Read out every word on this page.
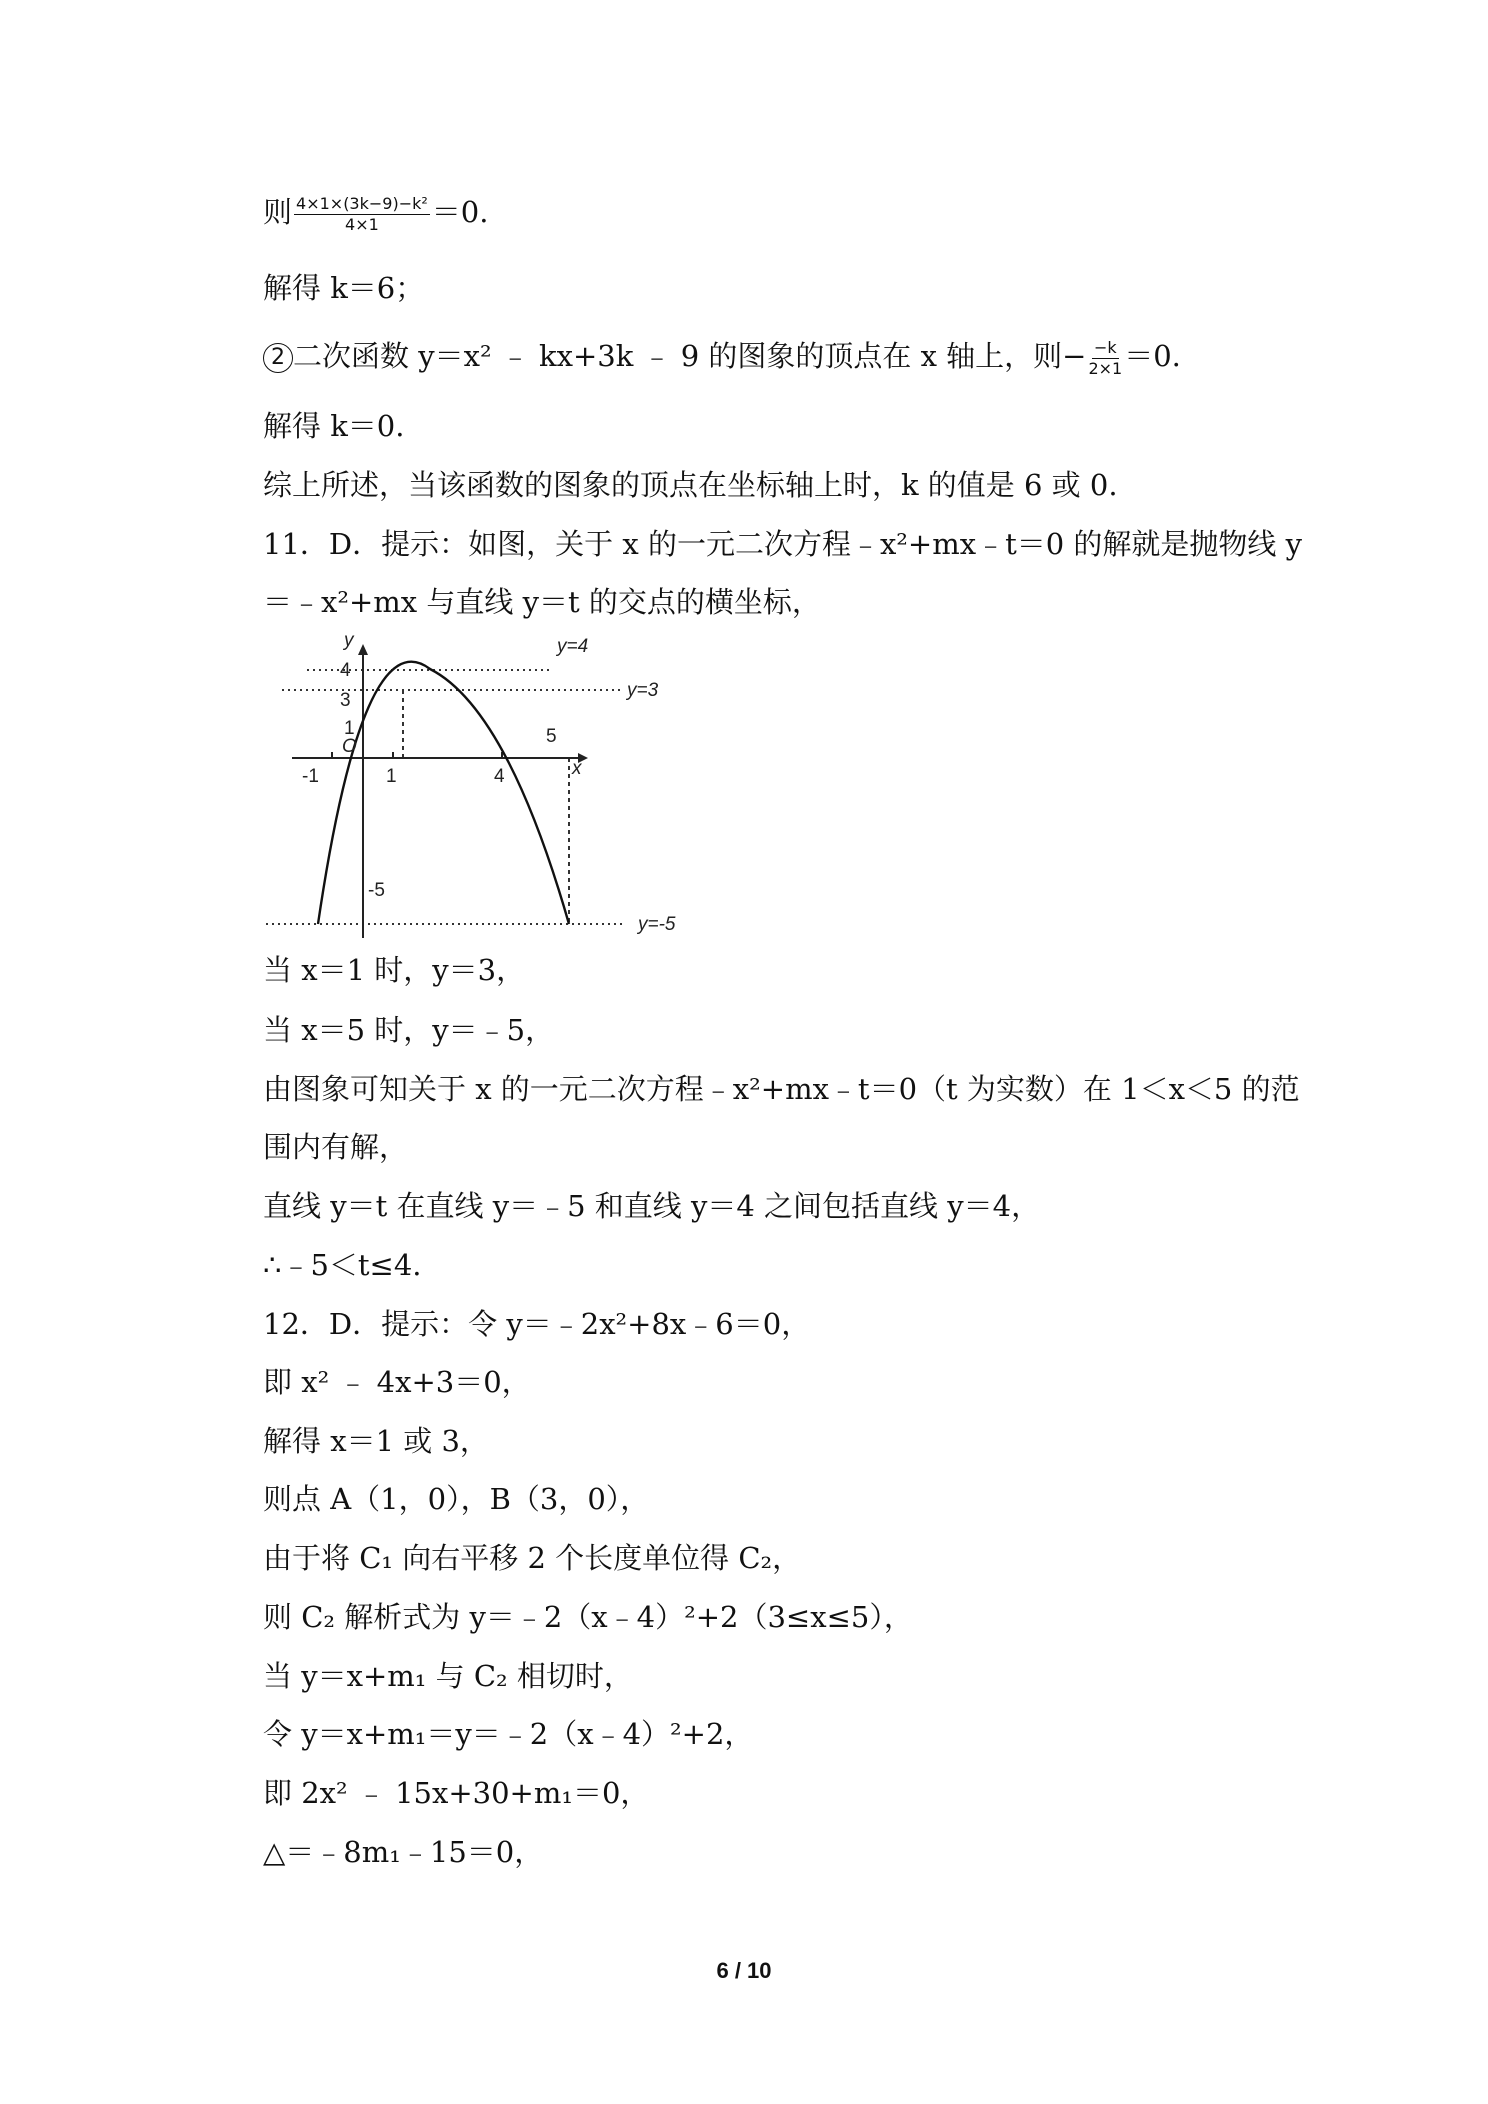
则 $\frac{\text{4×1×(3k−9)−k²}}{4\times 1} =0$.
解得 k＝6；
2 二次函数 y＝x² ﹣ kx+3k ﹣ 9 的图象的顶点在 x 轴上，则− $\frac{-k}{2\times 1} =0$.
解得 k＝0.
综上所述，当该函数的图象的顶点在坐标轴上时，k 的值是 6 或 0.
11．D．提示：如图，关于 x 的一元二次方程﹣x²+mx﹣t＝0 的解就是抛物线 y
＝﹣x²+mx 与直线 y＝t 的交点的横坐标，
y
x
O
4
3
1
-5
-1	1	4
5
y=4
y=3
y=-5
当 x＝1 时，y＝3，
当 x＝5 时，y＝﹣5，
由图象可知关于 x 的一元二次方程﹣x²+mx﹣t＝0（t 为实数）在 1＜x＜5 的范
围内有解，
直线 y＝t 在直线 y＝﹣5 和直线 y＝4 之间包括直线 y＝4，
∴﹣5＜t≤4.
12．D．提示：令 y＝﹣2x²+8x﹣6＝0，
即 x² ﹣ 4x+3＝0，
解得 x＝1 或 3，
则点 A（1，0），B（3，0），
由于将 C₁ 向右平移 2 个长度单位得 C₂，
则 C₂ 解析式为 y＝﹣2（x﹣4）²+2（3≤x≤5），
当 y＝x+m₁ 与 C₂ 相切时，
令 y＝x+m₁＝y＝﹣2（x﹣4）²+2，
即 2x² ﹣ 15x+30+m₁＝0，
△＝﹣8m₁﹣15＝0，
6 / 10
